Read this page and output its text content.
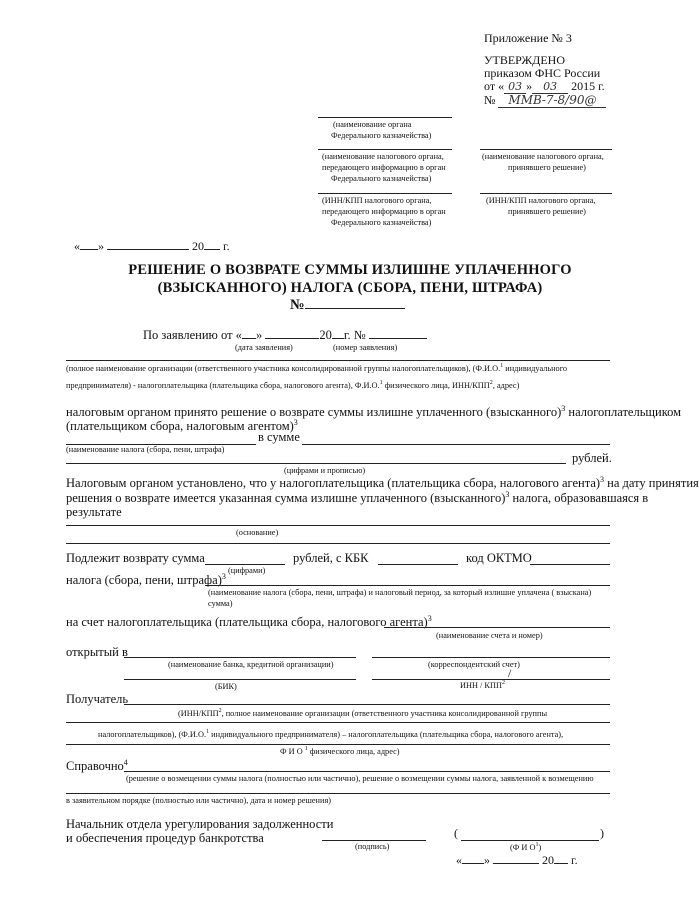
Приложение № 3
УТВЕРЖДЕНО
приказом ФНС России
от « 03 » 03 2015 г.
№ ММВ-7-8/90@
(наименование органа
Федерального казначейства)
(наименование налогового органа,
передающего информацию в орган
Федерального казначейства)
(наименование налогового органа,
принявшего решение)
(ИНН/КПП налогового органа,
передающего информацию в орган
Федерального казначейства)
(ИНН/КПП налогового органа,
принявшего решение)
« »	20 г.
РЕШЕНИЕ О ВОЗВРАТЕ СУММЫ ИЗЛИШНЕ УПЛАЧЕННОГО
(ВЗЫСКАННОГО) НАЛОГА (СБОРА, ПЕНИ, ШТРАФА)
№
По заявлению от « »	20 г. №
(дата заявления)	(номер заявления)
(полное наименование организации (ответственного участника консолидированной группы налогоплательщиков), (Ф.И.О.$^1$ индивидуального
предпринимателя) - налогоплательщика (плательщика сбора, налогового агента), Ф.И.О.$^1$ физического лица, ИНН/КПП$^2$, адрес)
налоговым органом принято решение о возврате суммы излишне уплаченного (взысканного)$^3$ налогоплательщиком
(плательщиком сбора, налоговым агентом)$^3$
в сумме
(наименование налога (сбора, пени, штрафа)
рублей.
(цифрами и прописью)
Налоговым органом установлено, что у налогоплательщика (плательщика сбора, налогового агента)$^3$ на дату принятия
решения о возврате имеется указанная сумма излишне уплаченного (взысканного)$^3$ налога, образовавшаяся в
результате
(основание)
Подлежит возврату сумма	рублей, с КБК	код ОКТМО
(цифрами)
налога (сбора, пени, штрафа)$^3$
(наименование налога (сбора, пени, штрафа) и налоговый период, за который излишне уплачена ( взыскана)
сумма)
на счет налогоплательщика (плательщика сбора, налогового агента)$^3$
(наименование счета и номер)
открытый в
(наименование банка, кредитной организации)	(корреспондентский счет)
/
(БИК)	ИНН / КПП$^2$
Получатель
(ИНН/КПП$^2$, полное наименование организации (ответственного участника консолидированной группы
налогоплательщиков), (Ф.И.О.$^1$ индивидуального предпринимателя) – налогоплательщика (плательщика сбора, налогового агента),
Ф И О $^1$ физического лица, адрес)
Справочно$^4$
(решение о возмещении суммы налога (полностью или частично), решение о возмещении суммы налога, заявленной к возмещению
в заявительном порядке (полностью или частично), дата и номер решения)
Начальник отдела урегулирования задолженности
и обеспечения процедур банкротства
(подпись)
(	)
(Ф И $О^1$)
« »	20 г.
